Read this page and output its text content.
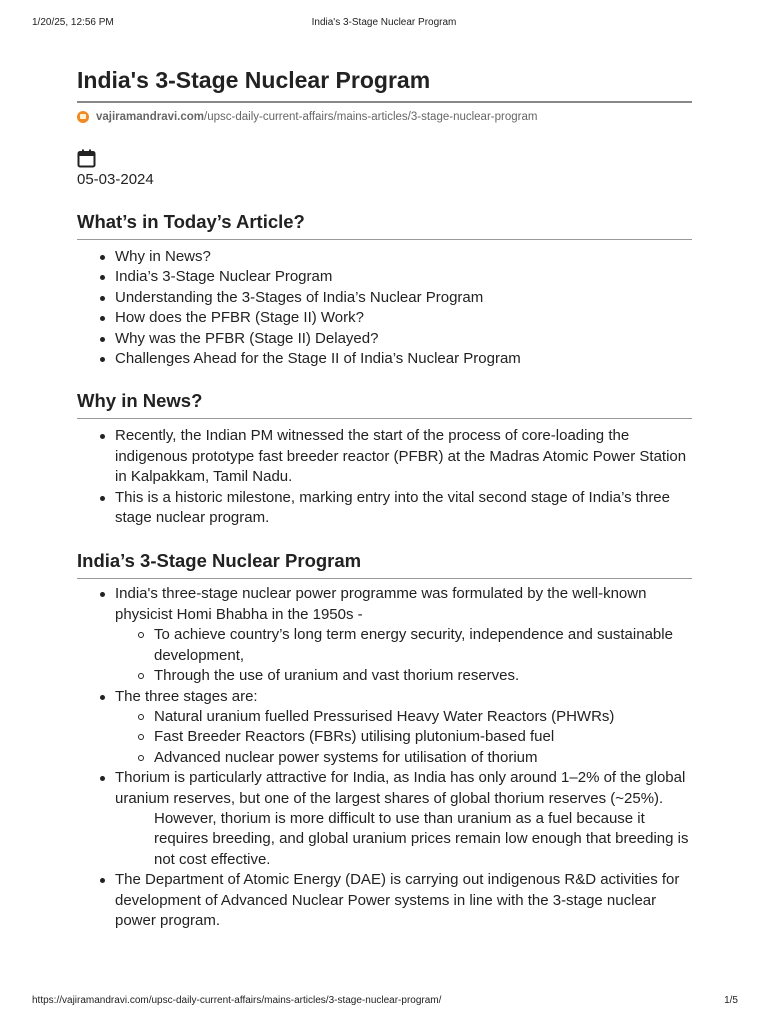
1/20/25, 12:56 PM	India's 3-Stage Nuclear Program
India's 3-Stage Nuclear Program
vajiramandravi.com /upsc-daily-current-affairs/mains-articles/3-stage-nuclear-program
05-03-2024
What’s in Today’s Article?
Why in News?
India’s 3-Stage Nuclear Program
Understanding the 3-Stages of India’s Nuclear Program
How does the PFBR (Stage II) Work?
Why was the PFBR (Stage II) Delayed?
Challenges Ahead for the Stage II of India’s Nuclear Program
Why in News?
Recently, the Indian PM witnessed the start of the process of core-loading the indigenous prototype fast breeder reactor (PFBR) at the Madras Atomic Power Station in Kalpakkam, Tamil Nadu.
This is a historic milestone, marking entry into the vital second stage of India’s three stage nuclear program.
India’s 3-Stage Nuclear Program
India's three-stage nuclear power programme was formulated by the well-known physicist Homi Bhabha in the 1950s -
To achieve country’s long term energy security, independence and sustainable development,
Through the use of uranium and vast thorium reserves.
The three stages are:
Natural uranium fuelled Pressurised Heavy Water Reactors (PHWRs)
Fast Breeder Reactors (FBRs) utilising plutonium-based fuel
Advanced nuclear power systems for utilisation of thorium
Thorium is particularly attractive for India, as India has only around 1–2% of the global uranium reserves, but one of the largest shares of global thorium reserves (~25%).
However, thorium is more difficult to use than uranium as a fuel because it requires breeding, and global uranium prices remain low enough that breeding is not cost effective.
The Department of Atomic Energy (DAE) is carrying out indigenous R&D activities for development of Advanced Nuclear Power systems in line with the 3-stage nuclear power program.
https://vajiramandravi.com/upsc-daily-current-affairs/mains-articles/3-stage-nuclear-program/	1/5
